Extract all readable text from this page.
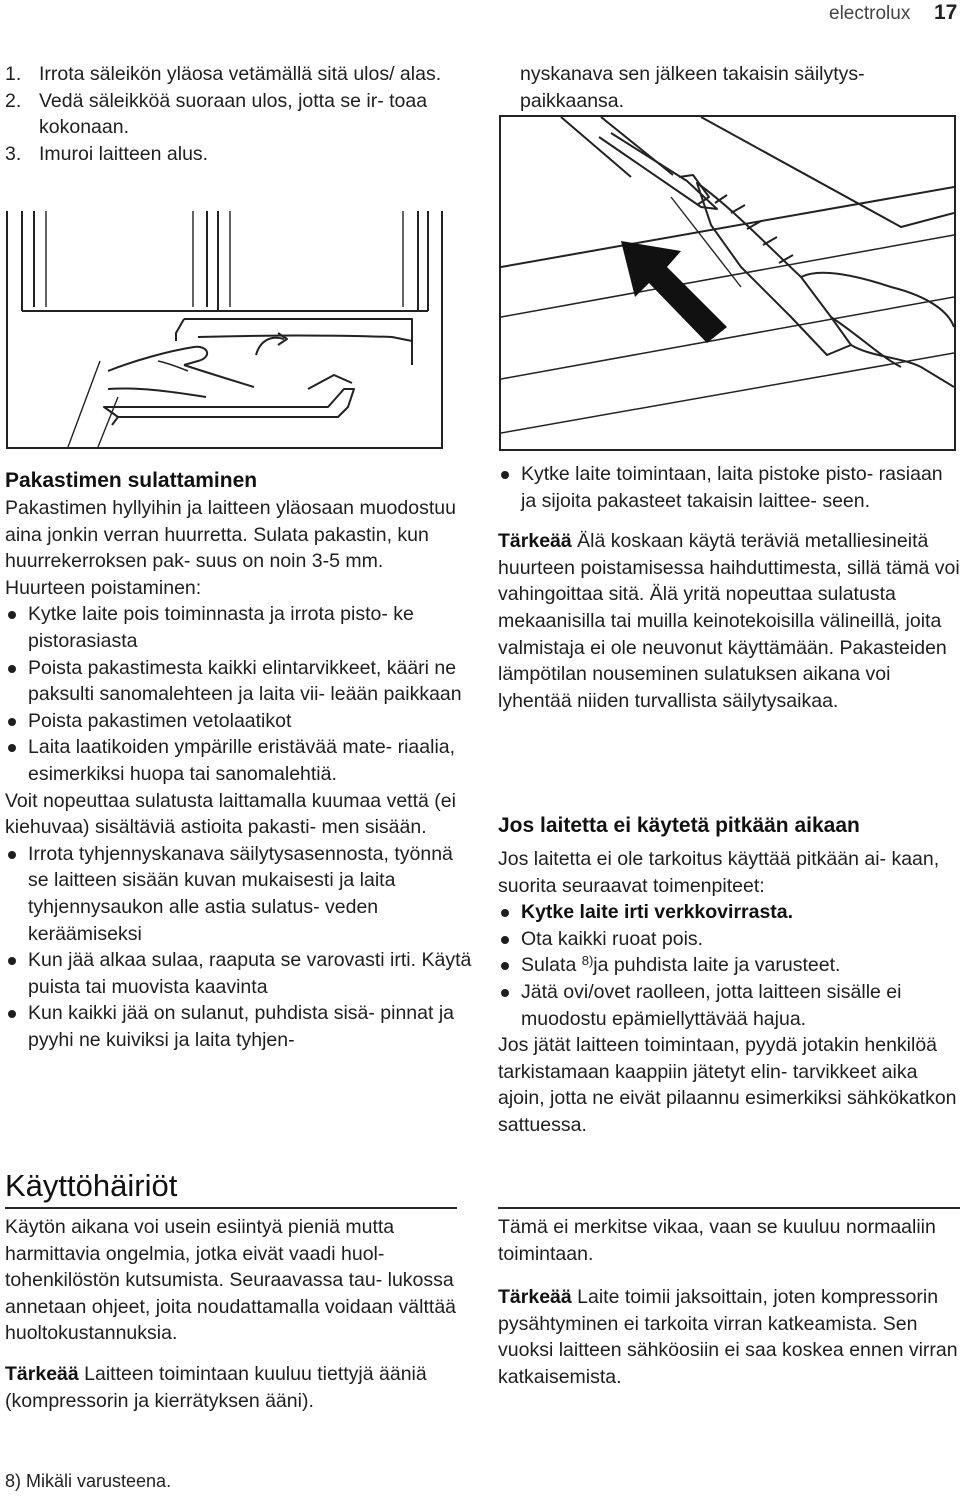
electrolux 17
1. Irrota säleikön yläosa vetämällä sitä ulos/ alas.
2. Vedä säleikköä suoraan ulos, jotta se ir- toaa kokonaan.
3. Imuroi laitteen alus.

nyskanava sen jälkeen takaisin säilytys- paikkaansa.

Pakastimen sulattaminen

Pakastimen hyllyihin ja laitteen yläosaan muodostuu aina jonkin verran huurretta. Sulata pakastin, kun huurrekerroksen pak- suus on noin 3-5 mm.

Huurteen poistaminen:

Kytke laite pois toiminnasta ja irrota pisto- ke pistorasiasta
Poista pakastimesta kaikki elintarvikkeet, kääri ne paksulti sanomalehteen ja laita vii- leään paikkaan
Poista pakastimen vetolaatikot
Laita laatikoiden ympärille eristävää mate- riaalia, esimerkiksi huopa tai sanomalehtiä.

Voit nopeuttaa sulatusta laittamalla kuumaa vettä (ei kiehuvaa) sisältäviä astioita pakasti- men sisään.

Irrota tyhjennyskanava säilytysasennosta, työnnä se laitteen sisään kuvan mukaisesti ja laita tyhjennysaukon alle astia sulatus- veden keräämiseksi
Kun jää alkaa sulaa, raaputa se varovasti irti. Käytä puista tai muovista kaavinta
Kun kaikki jää on sulanut, puhdista sisä- pinnat ja pyyhi ne kuiviksi ja laita tyhjen-
Kytke laite toimintaan, laita pistoke pisto- rasiaan ja sijoita pakasteet takaisin laittee- seen.

Tärkeää Älä koskaan käytä teräviä metalliesineitä huurteen poistamisessa haihduttimesta, sillä tämä voi vahingoittaa sitä. Älä yritä nopeuttaa sulatusta mekaanisilla tai muilla keinotekoisilla välineillä, joita valmistaja ei ole neuvonut käyttämään. Pakasteiden lämpötilan nouseminen sulatuksen aikana voi lyhentää niiden turvallista säilytysaikaa.

Jos laitetta ei käytetä pitkään aikaan

Jos laitetta ei ole tarkoitus käyttää pitkään ai- kaan, suorita seuraavat toimenpiteet:

Kytke laite irti verkkovirrasta.
Ota kaikki ruoat pois.
Sulata $^{8)}$ja puhdista laite ja varusteet.
Jätä ovi/ovet raolleen, jotta laitteen sisälle ei muodostu epämiellyttävää hajua.

Jos jätät laitteen toimintaan, pyydä jotakin henkilöä tarkistamaan kaappiin jätetyt elin- tarvikkeet aika ajoin, jotta ne eivät pilaannu esimerkiksi sähkökatkon sattuessa.

Käyttöhäiriöt

Käytön aikana voi usein esiintyä pieniä mutta harmittavia ongelmia, jotka eivät vaadi huol- tohenkilöstön kutsumista. Seuraavassa tau- lukossa annetaan ohjeet, joita noudattamalla voidaan välttää huoltokustannuksia.

Tärkeää Laitteen toimintaan kuuluu tiettyjä ääniä (kompressorin ja kierrätyksen ääni).

Tämä ei merkitse vikaa, vaan se kuuluu normaaliin toimintaan.

Tärkeää Laite toimii jaksoittain, joten kompressorin pysähtyminen ei tarkoita virran katkeamista. Sen vuoksi laitteen sähköosiin ei saa koskea ennen virran katkaisemista.

8) Mikäli varusteena.
